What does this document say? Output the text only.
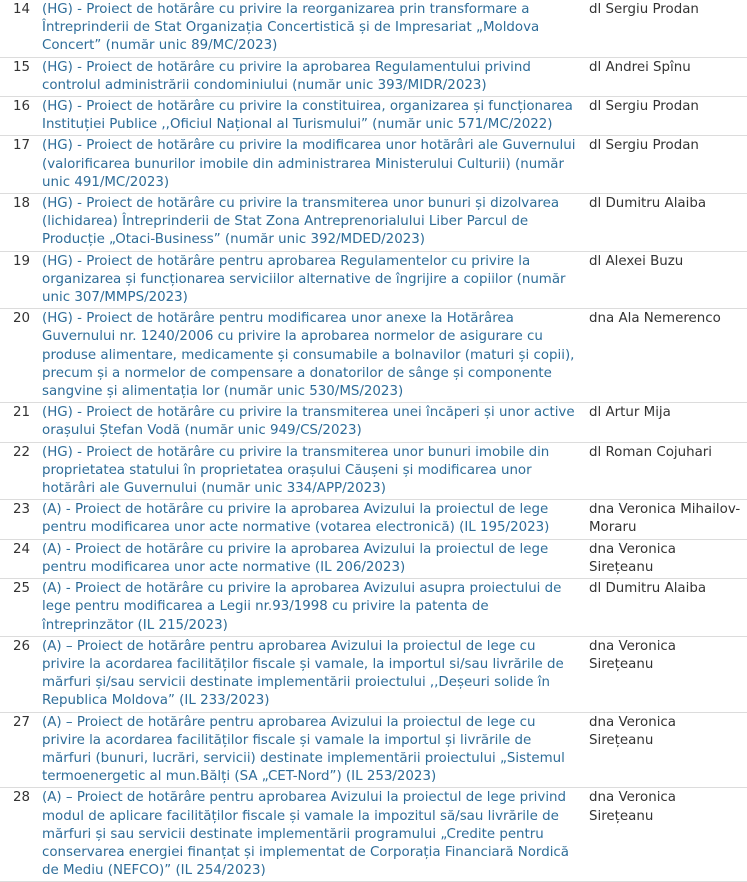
14	(HG) - Proiect de hotărâre cu privire la reorganizarea prin transformare a Întreprinderii de Stat Organizația Concertistică și de Impresariat „Moldova Concert” (număr unic 89/MC/2023)	dl Sergiu Prodan
15	(HG) - Proiect de hotărâre cu privire la aprobarea Regulamentului privind controlul administrării condominiului (număr unic 393/MIDR/2023)	dl Andrei Spînu
16	(HG) - Proiect de hotărâre cu privire la constituirea, organizarea și funcționarea Instituției Publice ,,Oficiul Național al Turismului” (număr unic 571/MC/2022)	dl Sergiu Prodan
17	(HG) - Proiect de hotărâre cu privire la modificarea unor hotărâri ale Guvernului (valorificarea bunurilor imobile din administrarea Ministerului Culturii) (număr unic 491/MC/2023)	dl Sergiu Prodan
18	(HG) - Proiect de hotărâre cu privire la transmiterea unor bunuri și dizolvarea (lichidarea) Întreprinderii de Stat Zona Antreprenorialului Liber Parcul de Producție „Otaci-Business” (număr unic 392/MDED/2023)	dl Dumitru Alaiba
19	(HG) - Proiect de hotărâre pentru aprobarea Regulamentelor cu privire la organizarea și funcționarea serviciilor alternative de îngrijire a copiilor (număr unic 307/MMPS/2023)	dl Alexei Buzu
20	(HG) - Proiect de hotărâre pentru modificarea unor anexe la Hotărârea Guvernului nr. 1240/2006 cu privire la aprobarea normelor de asigurare cu produse alimentare, medicamente și consumabile a bolnavilor (maturi și copii), precum și a normelor de compensare a donatorilor de sânge și componente sangvine și alimentația lor (număr unic 530/MS/2023)	dna Ala Nemerenco
21	(HG) - Proiect de hotărâre cu privire la transmiterea unei încăperi și unor active orașului Ștefan Vodă (număr unic 949/CS/2023)	dl Artur Mija
22	(HG) - Proiect de hotărâre cu privire la transmiterea unor bunuri imobile din proprietatea statului în proprietatea orașului Căușeni și modificarea unor hotărâri ale Guvernului (număr unic 334/APP/2023)	dl Roman Cojuhari
23	(A) - Proiect de hotărâre cu privire la aprobarea Avizului la proiectul de lege pentru modificarea unor acte normative (votarea electronică) (IL 195/2023)	dna Veronica Mihailov-Moraru
24	(A) - Proiect de hotărâre cu privire la aprobarea Avizului la proiectul de lege pentru modificarea unor acte normative (IL 206/2023)	dna Veronica Sirețeanu
25	(A) - Proiect de hotărâre cu privire la aprobarea Avizului asupra proiectului de lege pentru modificarea a Legii nr.93/1998 cu privire la patenta de întreprinzător (IL 215/2023)	dl Dumitru Alaiba
26	(A) – Proiect de hotărâre pentru aprobarea Avizului la proiectul de lege cu privire la acordarea facilităților fiscale și vamale, la importul si/sau livrările de mărfuri și/sau servicii destinate implementării proiectului ,,Deșeuri solide în Republica Moldova” (IL 233/2023)	dna Veronica Sirețeanu
27	(A) – Proiect de hotărâre pentru aprobarea Avizului la proiectul de lege cu privire la acordarea facilităților fiscale și vamale la importul și livrările de mărfuri (bunuri, lucrări, servicii) destinate implementării proiectului „Sistemul termoenergetic al mun.Bălți (SA „CET-Nord”) (IL 253/2023)	dna Veronica Sirețeanu
28	(A) – Proiect de hotărâre pentru aprobarea Avizului la proiectul de lege privind modul de aplicare facilităților fiscale și vamale la impozitul să/sau livrările de mărfuri și sau servicii destinate implementării programului „Credite pentru conservarea energiei finanțat și implementat de Corporația Financiară Nordică de Mediu (NEFCO)” (IL 254/2023)	dna Veronica Sirețeanu
